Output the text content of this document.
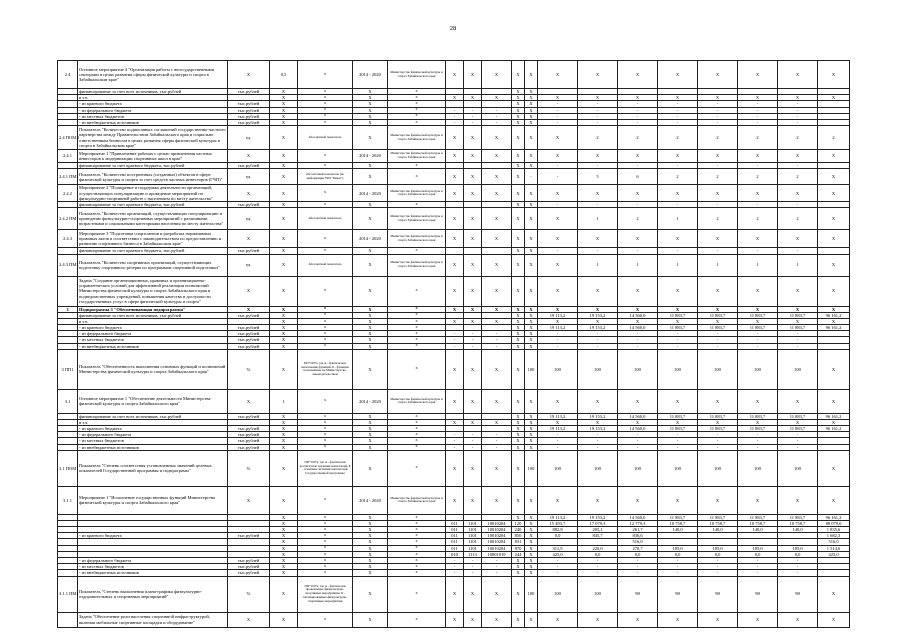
28
2.4	Основное мероприятие 4 "Организация работы с негосударственными секторами в целях развития сферы физической культуры и спорта в Забайкальском крае"	Х	0,5	Х	2014 - 2020	Министерство физической культуры и спорта Забайкальского края	Х	Х	Х	Х	Х	Х	Х	Х	Х	Х	Х	Х	Х
	финансирование за счет всех источников, тыс.рублей	тыс.рублей	Х	Х	Х	Х				Х	Х								
	в т.ч.		Х	Х	Х	Х	Х	Х	Х	Х	Х	Х	Х	Х	Х	Х	Х	Х	Х
	- из краевого бюджета	тыс.рублей	Х	Х	Х	Х				Х	Х	-	-	-	-	-	-	-	
	- из федерального бюджета	тыс.рублей	Х	Х	Х	Х	-	-	-	Х	Х	-	-	-	-	-	-	-	
	- из местных бюджетов	тыс.рублей	Х	Х	Х	Х	-	-	-	Х	Х	-	-	-	-	-	-	-	
	- из внебюджетных источников	тыс.рублей	Х	Х	Х	Х	-	-	-	Х	Х	-	-	-	-	-	-	-	
2.4 ПОМ.1	Показатель "Количество подписанных соглашений государственно-частного партнерства между Правительством Забайкальского края и социально ответственным бизнесом в целях развития сферы физической культуры и спорта в Забайкальском крае"	ед.	Х	Абсолютный показатель	Х	Министерство физической культуры и спорта Забайкальского края	Х	Х	Х	Х	Х	Х	2	2	2	2	2	2	2
2.4.1	Мероприятие 1 "Привлечение рабочих с целью привлечения частных инвесторов к модернизации спортивных школ в крае"	Х	Х	Х	2014 - 2020	Министерство физической культуры и спорта Забайкальского края	Х	Х	Х	Х	Х	Х	Х	Х	Х	Х	Х	Х	Х
	финансирование за счет краевого бюджета, тыс.рублей	тыс.рублей	Х	Х	Х	Х				Х	Х	-	-	-	-	-	-	-	
2.4.1 ПМ1	Показатель "Количество построенных (созданных) объектов в сфере физической культуры и спорта за счет средств частных инвесторов (ГЧП)"	ед.	Х	Абсолютный показатель (по информации ГЧП "Бизон")	Х	Х	Х	Х	Х	Х	-	-	5	6	2	2	2	2	Х
2.4.2	Мероприятие 2 "Поощрение и поддержка деятельности организаций, осуществляющих популяризацию и проведение мероприятий по физкультурно-спортивной работе с населением по месту жительства"	Х	Х	Х	2014 - 2020	Министерство физической культуры и спорта Забайкальского края	Х	Х	Х	Х	Х	Х	Х	Х	Х	Х	Х	Х	Х
	финансирование за счет краевого бюджета, тыс.рублей	тыс.рублей	Х	Х	Х	Х				Х	Х	-	-	-	-	-	-	-	
2.4.2 ПМ1	Показатель "Количество организаций, осуществляющих популяризацию и проведение физкультурно-спортивных мероприятий с различными возрастными и социальными категориями населения по месту жительства"	ед.	Х	Абсолютный показатель	Х	Министерство физической культуры и спорта Забайкальского края	Х	Х	Х	Х	Х	Х	1	2	1	2	2	2	Х
2.4.3	Мероприятие 3 "Подготовка спортсменов и разработка нормативных правовых актов в соответствии с законодательством по предоставлению и развитию спортивного бизнеса в Забайкальском крае"	Х	Х	Х	2014 - 2020	Министерство физической культуры и спорта Забайкальского края	Х	Х	Х	Х	Х	Х	Х	Х	Х	Х	Х	Х	Х
	финансирование за счет краевого бюджета, тыс.рублей	тыс.рублей	Х	Х	Х	Х				Х	Х	-	-	-	-	-	-	-	
2.4.3 ПМ1	Показатель "Количество спортивных организаций, осуществляющих подготовку спортивного резерва по программам спортивной подготовки"	ед.	Х	Абсолютный показатель	Х	Министерство физической культуры и спорта Забайкальского края	Х	Х	Х	Х	Х	Х	1	1	1	1	1	1	Х
	Задача "Создание организационных, правовых и организационно-управленческих условий для эффективной реализации полномочий Министерства физической культуры и спорта Забайкальского края и подведомственных учреждений, повышения качества и доступности государственных услуг в сфере физической культуры и спорта"	Х	Х	Х	Х	Х	Х	Х	Х	Х	Х	Х	Х	Х	Х	Х	Х	Х	Х
3	Подпрограмма 3 "Обеспечивающая подпрограмма"	Х	Х	Х	Х	Х	Х	Х	Х	Х	Х	Х	Х	Х	Х	Х	Х	Х	Х
	финансирование за счет всех источников, тыс.рублей	тыс.рублей	Х	Х	Х	Х				Х	Х	19 113,2	19 153,2	14 560,0	11 883,7	11 883,7	11 883,7	11 883,7	96 161,2
	в т.ч.		Х	Х	Х	Х	Х	Х	Х	Х	Х	Х	Х	Х	Х	Х	Х	Х	Х
	- из краевого бюджета	тыс.рублей	Х	Х	Х	Х				Х	Х	19 113,2	19 153,2	14 560,0	11 883,7	11 883,7	11 883,7	11 883,7	96 161,2
	- из федерального бюджета	тыс.рублей	Х	Х	Х	Х	-	-	-	Х	Х	-	-	-	-	-	-	-	
	- из местных бюджетов	тыс.рублей	Х	Х	Х	Х	-	-	-	Х	Х	-	-	-	-	-	-	-	
	- из внебюджетных источников	тыс.рублей	Х	Х	Х	Х	-	-	-	Х	Х	-	-	-	-	-	-	-	
3 ПП1	Показатель "Обеспеченность выполнения основных функций и полномочий Министерства физической культуры и спорта Забайкальского края"	%	Х	ПП*100%, где А - фактическое выполнение функций, Б - функции возложенные на Министерство, законодательством	Х	Х	Х	Х	Х	Х	100	100	100	100	100	100	100	100	Х
3.1	Основное мероприятие 1 "Обеспечение деятельности Министерства физической культуры и спорта Забайкальского края"	Х	1	Х	2014 - 2020	Министерство физической культуры и спорта Забайкальского края	Х	Х	Х	Х	Х	Х	Х	Х	Х	Х	Х	Х	Х
	финансирование за счет всех источников, тыс.рублей	тыс.рублей	Х	Х	Х	Х				Х	Х	19 113,2	19 153,2	14 560,0	11 883,7	11 883,7	11 883,7	11 883,7	96 161,2
	в т.ч.		Х	Х	Х	Х	Х	Х	Х	Х	Х	Х	Х	Х	Х	Х	Х	Х	Х
	- из краевого бюджета	тыс.рублей	Х	Х	Х	Х				Х	Х	19 113,2	19 153,2	14 560,0	11 883,7	11 883,7	11 883,7	11 883,7	96 161,2
	- из федерального бюджета	тыс.рублей	Х	Х	Х	Х	-	-	-	Х	Х	-	-	-	-	-	-	-	
	- из местных бюджетов	тыс.рублей	Х	Х	Х	Х	-	-	-	Х	Х	-	-	-	-	-	-	-	
	- из внебюджетных источников	тыс.рублей	Х	Х	Х	Х	-	-	-	Х	Х	-	-	-	-	-	-	-	
3.1 ПОМ1	Показатель "Степень соответствия установленных значений целевых показателей Государственной программы и подпрограмм"	%	Х	ПП*100%, где А - фактически достигнутые значения показателей, Б - плановые значения показателей Государственной программы	Х	Х	Х	Х	Х	Х	100	100	100	100	100	100	100	100	Х
3.1.1	Мероприятие 1 "Исполнение государственных функций Министерства физической культуры и спорта Забайкальского края"	Х	Х	Х	2014 - 2020	Министерство физической культуры и спорта Забайкальского края	Х	Х	Х	Х	Х	Х	Х	Х	Х	Х	Х	Х	Х
			Х	Х	Х	Х				Х	Х	19 113,2	19 153,2	14 560,0	11 883,7	11 883,7	11 883,7	11 883,7	96 161,2
			Х	Х	Х	Х	011	1101	10010204	120	Х	15 493,7	17 079,3	12 779,3	10 758,7	10 758,7	10 758,7	10 758,7	88 079,0
			Х	Х	Х	Х	011	1101	10010204	240	Х	882,8	205,1	261,7	140,0	140,0	140,0	140,0	1 835,6
	- из краевого бюджета	тыс.рублей	Х	Х	Х	Х	011	1101	10010204	850	Х	0,0	845,7	836,6					1 682,3
			Х	Х	Х	Х	011	1101	10010204	831	Х			516,0					516,0
			Х	Х	Х	Х	011	1101	10010204	870	Х	311,9	220,0	270,7	185,0	185,0	185,0	185,0	1 514,6
			Х	Х	Х	Х	010	1113	10001019	244	Х	425,0	0,0	0,0	0,0	0,0	0,0	0,0	425,0
	- из федерального бюджета	тыс.рублей	Х	Х	Х	Х	-	-	-	Х	Х	-	-	-	-	-	-	-	
	- из местных бюджетов	тыс.рублей	Х	Х	Х	Х	-	-	-	Х	Х	-	-	-	-	-	-	-	
	- из внебюджетных источников	тыс.рублей	Х	Х	Х	Х	-	-	-	Х	Х	-	-	-	-	-	-	-	
3.1.1 ПМ1	Показатель "Степень выполнения плана-графика физкультурно-оздоровительных и спортивных мероприятий"	%	Х	ПП*100%, где А - фактически проведенные физкультурно-спортивные мероприятия, Б - запланированные физкультурно-спортивные мероприятия	Х	Х	Х	Х	Х	Х	100	100	100	98	98	98	98	98	Х
	Задача "Обеспечение роли населения спортивной инфраструктурой, включая мобильные спортивные площадки и оборудование"	Х	Х	Х	Х	Х	Х	Х	Х	Х	Х	Х	Х	Х	Х	Х	Х	Х	Х
